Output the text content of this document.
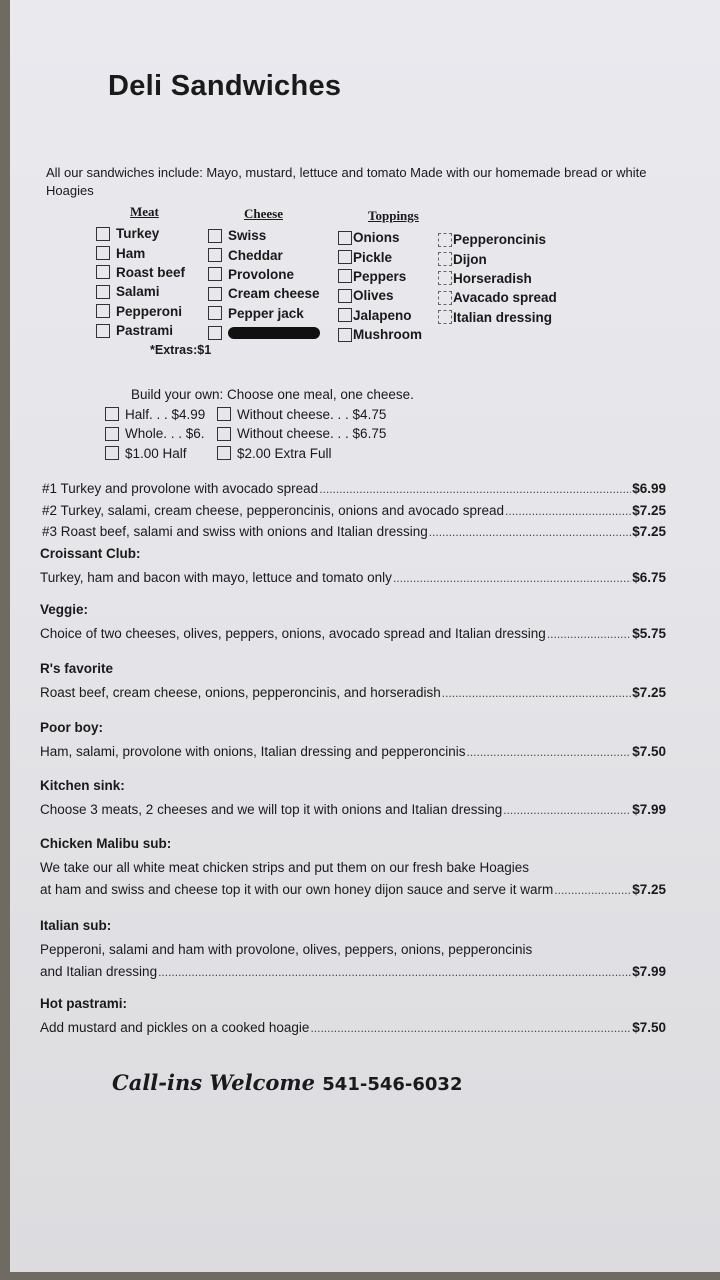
Deli Sandwiches
All our sandwiches include: Mayo, mustard, lettuce and tomato Made with our homemade bread or white Hoagies
Meat
Turkey
Ham
Roast beef
Salami
Pepperoni
Pastrami
Cheese
Swiss
Cheddar
Provolone
Cream cheese
Pepper jack
Toppings
Onions
Pickle
Peppers
Olives
Jalapeno
Mushroom
Pepperoncinis
Dijon
Horseradish
Avacado spread
Italian dressing
*Extras:$1
Build your own: Choose one meal, one cheese.
Half. . . $4.99 Without cheese. . . $4.75
Whole. . . $6. Without cheese. . . $6.75
$1.00 Half	$2.00 Extra Full
#1 Turkey and provolone with avocado spread .....	$6.99
#2 Turkey, salami, cream cheese, pepperoncinis, onions and avocado spread .....	$7.25
#3 Roast beef, salami and swiss with onions and Italian dressing .....	$7.25
Croissant Club:
Turkey, ham and bacon with mayo, lettuce and tomato only .....	$6.75
Veggie:
Choice of two cheeses, olives, peppers, onions, avocado spread and Italian dressing .....	$5.75
R's favorite
Roast beef, cream cheese, onions, pepperoncinis, and horseradish .....	$7.25
Poor boy:
Ham, salami, provolone with onions, Italian dressing and pepperoncinis .....	$7.50
Kitchen sink:
Choose 3 meats, 2 cheeses and we will top it with onions and Italian dressing .....	$7.99
Chicken Malibu sub:
We take our all white meat chicken strips and put them on our fresh bake Hoagies
at ham and swiss and cheese top it with our own honey dijon sauce and serve it warm .....	$7.25
Italian sub:
Pepperoni, salami and ham with provolone, olives, peppers, onions, pepperoncinis
and Italian dressing .....	$7.99
Hot pastrami:
Add mustard and pickles on a cooked hoagie .....	$7.50
Call-ins Welcome 541-546-6032
